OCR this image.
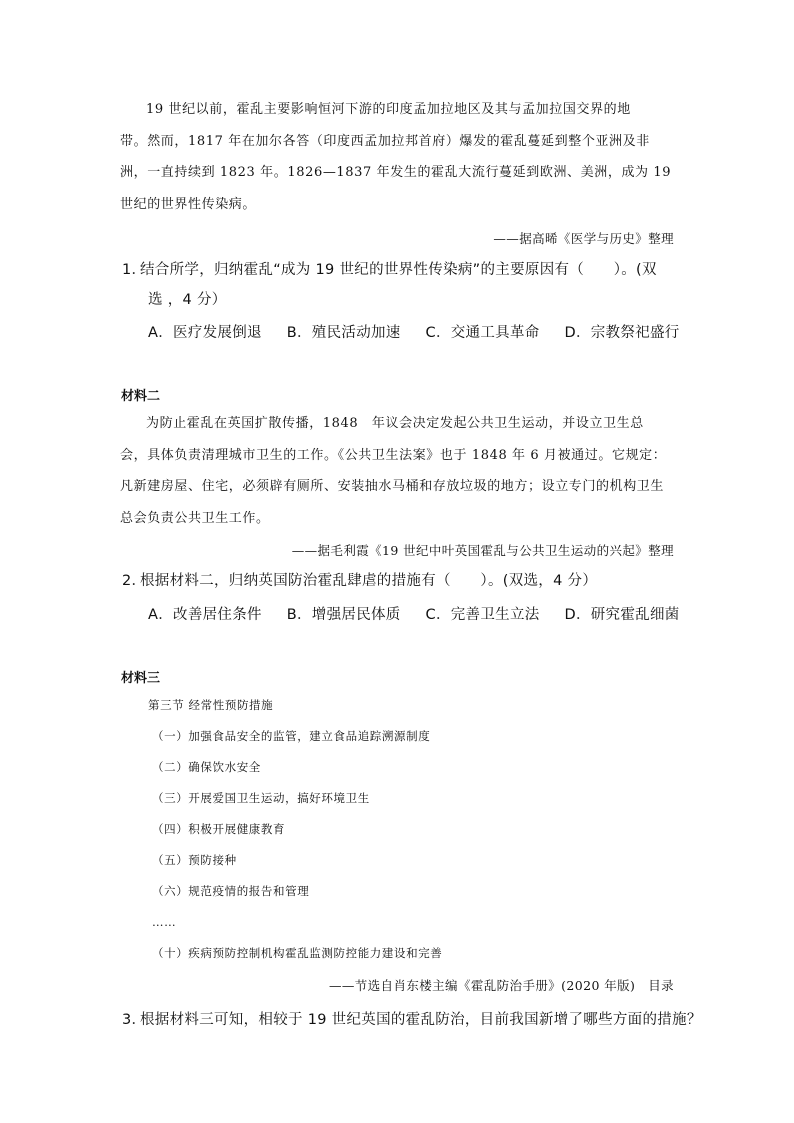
19 世纪以前，霍乱主要影响恒河下游的印度孟加拉地区及其与孟加拉国交界的地
带。然而，1817 年在加尔各答（印度西孟加拉邦首府）爆发的霍乱蔓延到整个亚洲及非洲，一直持续到 1823 年。1826—1837 年发生的霍乱大流行蔓延到欧洲、美洲，成为 19 世纪的世界性传染病。
——据高晞《医学与历史》整理
1．
结合所学，归纳霍乱“成为 19 世纪的世界性传染病”的主要原因有（　　）。(双
选 ，4 分）
A．医疗发展倒退 B．殖民活动加速 C．交通工具革命 D．宗教祭祀盛行
材料二
为防止霍乱在英国扩散传播，1848　年议会决定发起公共卫生运动，并设立卫生总
会，具体负责清理城市卫生的工作。《公共卫生法案》也于 1848 年 6 月被通过。它规定：凡新建房屋、住宅，必须辟有厕所、安装抽水马桶和存放垃圾的地方；设立专门的机构卫生总会负责公共卫生工作。
——据毛利霞《19 世纪中叶英国霍乱与公共卫生运动的兴起》整理
2．
根据材料二，归纳英国防治霍乱肆虐的措施有（　　）。(双选，4 分）
A．改善居住条件 B．增强居民体质 C．完善卫生立法 D．研究霍乱细菌
材料三
第三节 经常性预防措施
（一）加强食品安全的监管，建立食品追踪溯源制度
（二）确保饮水安全
（三）开展爱国卫生运动，搞好环境卫生
（四）积极开展健康教育
（五）预防接种
（六）规范疫情的报告和管理
……
（十）疾病预防控制机构霍乱监测防控能力建设和完善
——节选自肖东楼主编《霍乱防治手册》(2020 年版)　目录
3．
根据材料三可知，相较于 19 世纪英国的霍乱防治，目前我国新增了哪些方面的措施？
